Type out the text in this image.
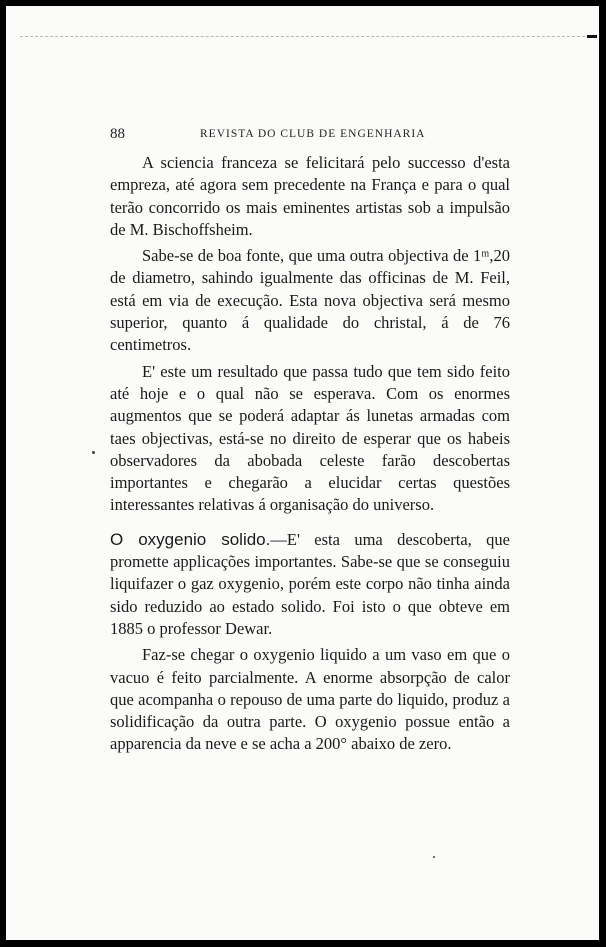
88	REVISTA DO CLUB DE ENGENHARIA

A sciencia franceza se felicitará pelo successo d'esta empreza, até agora sem precedente na França e para o qual terão concorrido os mais eminentes artistas sob a impulsão de M. Bischoffsheim.

Sabe-se de boa fonte, que uma outra objectiva de 1ᵐ,20 de diametro, sahindo igualmente das officinas de M. Feil, está em via de execução. Esta nova objectiva será mesmo superior, quanto á qualidade do christal, á de 76 centimetros.

E' este um resultado que passa tudo que tem sido feito até hoje e o qual não se esperava. Com os enormes augmentos que se poderá adaptar ás lunetas armadas com taes objectivas, está-se no direito de esperar que os habeis observadores da abobada celeste farão descobertas importantes e chegarão a elucidar certas questões interessantes relativas á organisação do universo.

O oxygenio solido.—E' esta uma descoberta, que promette applicações importantes. Sabe-se que se conseguiu liquifazer o gaz oxygenio, porém este corpo não tinha ainda sido reduzido ao estado solido. Foi isto o que obteve em 1885 o professor Dewar.

Faz-se chegar o oxygenio liquido a um vaso em que o vacuo é feito parcialmente. A enorme absorpção de calor que acompanha o repouso de uma parte do liquido, produz a solidificação da outra parte. O oxygenio possue então a apparencia da neve e se acha a 200° abaixo de zero.
